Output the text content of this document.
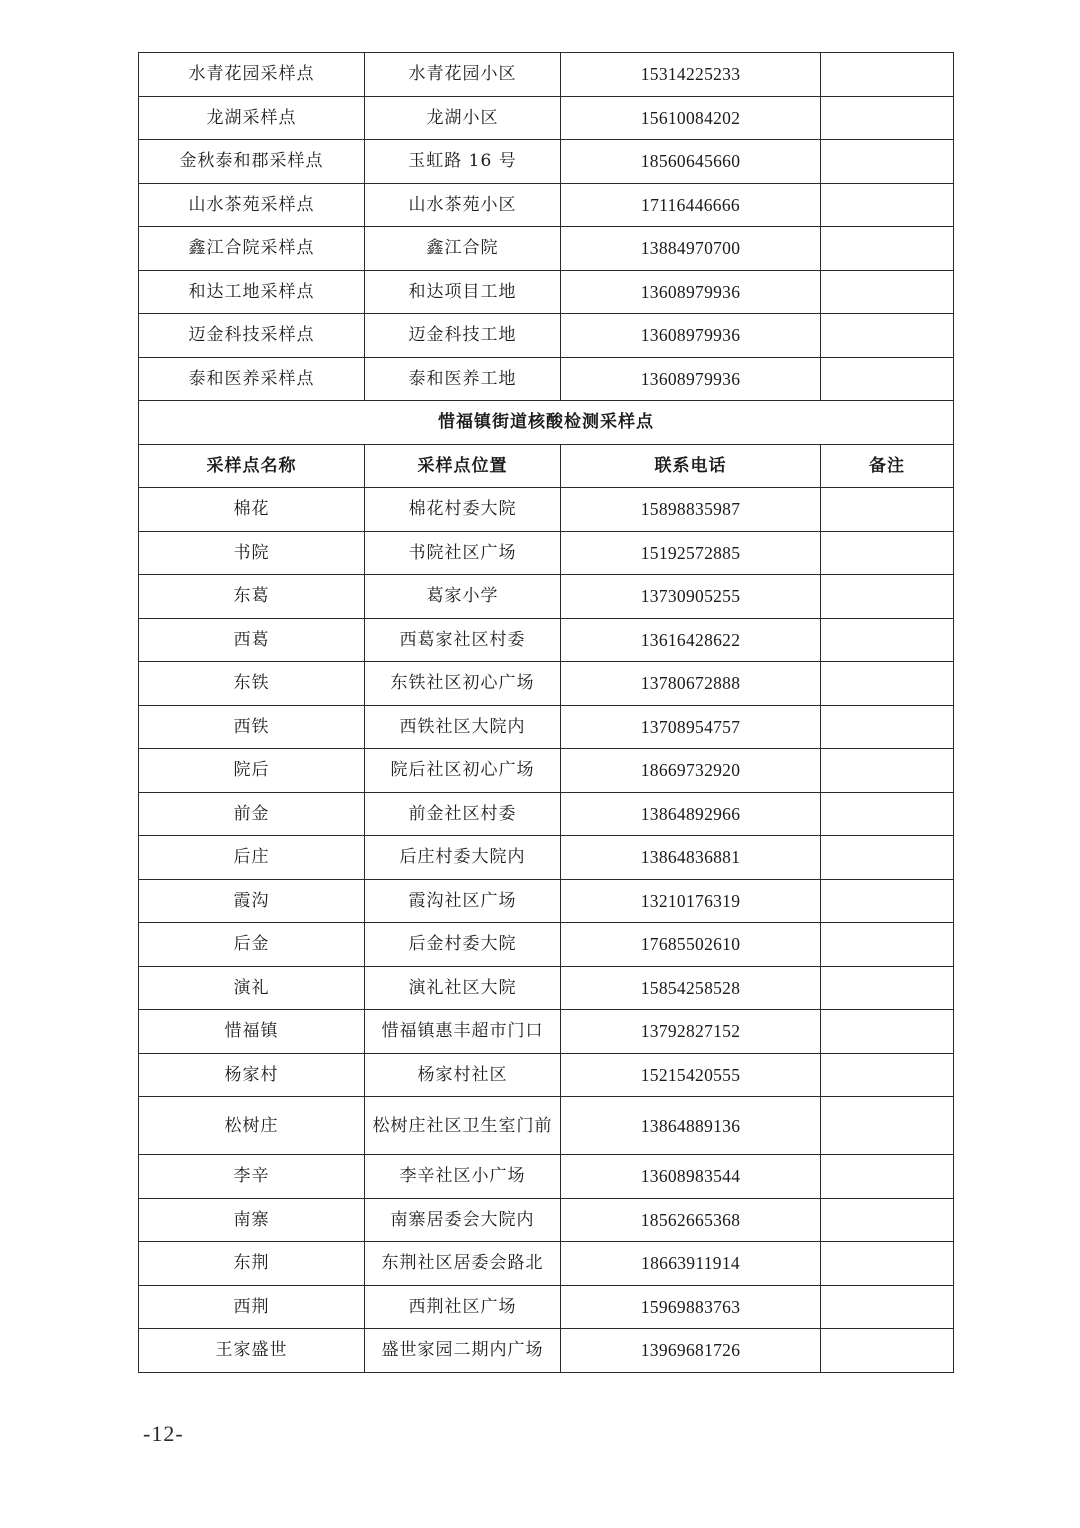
水青花园采样点	水青花园小区	15314225233	
龙湖采样点	龙湖小区	15610084202	
金秋泰和郡采样点	玉虹路 16 号	18560645660	
山水茶苑采样点	山水茶苑小区	17116446666	
鑫江合院采样点	鑫江合院	13884970700	
和达工地采样点	和达项目工地	13608979936	
迈金科技采样点	迈金科技工地	13608979936	
泰和医养采样点	泰和医养工地	13608979936	
惜福镇街道核酸检测采样点			
采样点名称	采样点位置	联系电话	备注
棉花	棉花村委大院	15898835987	
书院	书院社区广场	15192572885	
东葛	葛家小学	13730905255	
西葛	西葛家社区村委	13616428622	
东铁	东铁社区初心广场	13780672888	
西铁	西铁社区大院内	13708954757	
院后	院后社区初心广场	18669732920	
前金	前金社区村委	13864892966	
后庄	后庄村委大院内	13864836881	
霞沟	霞沟社区广场	13210176319	
后金	后金村委大院	17685502610	
演礼	演礼社区大院	15854258528	
惜福镇	惜福镇惠丰超市门口	13792827152	
杨家村	杨家村社区	15215420555	
松树庄	松树庄社区卫生室门前	13864889136	
李辛	李辛社区小广场	13608983544	
南寨	南寨居委会大院内	18562665368	
东荆	东荆社区居委会路北	18663911914	
西荆	西荆社区广场	15969883763	
王家盛世	盛世家园二期内广场	13969681726	
-12-
